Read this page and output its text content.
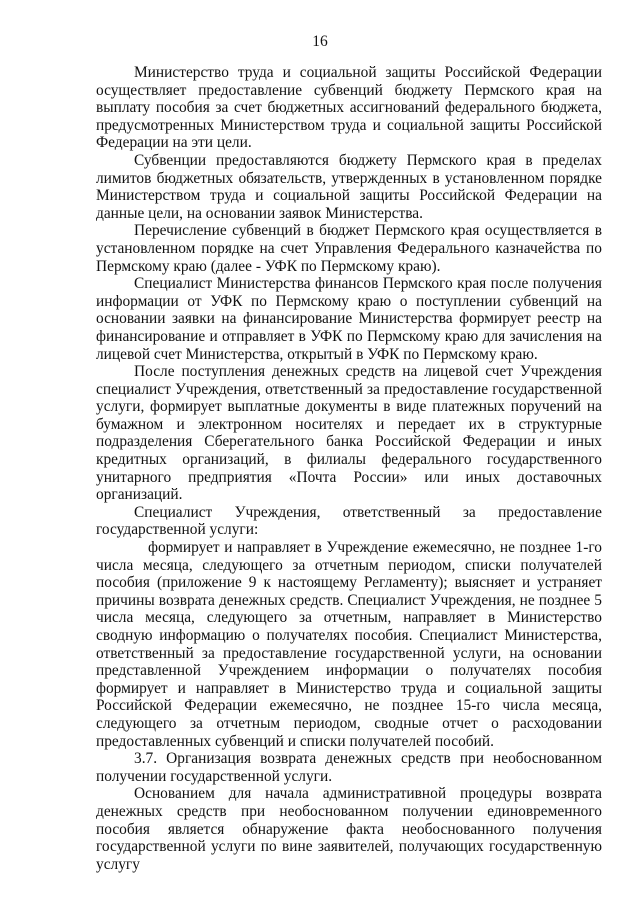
16

Министерство труда и социальной защиты Российской Федерации осуществляет предоставление субвенций бюджету Пермского края на выплату пособия за счет бюджетных ассигнований федерального бюджета, предусмотренных Министерством труда и социальной защиты Российской Федерации на эти цели.

Субвенции предоставляются бюджету Пермского края в пределах лимитов бюджетных обязательств, утвержденных в установленном порядке Министерством труда и социальной защиты Российской Федерации на данные цели, на основании заявок Министерства.

Перечисление субвенций в бюджет Пермского края осуществляется в установленном порядке на счет Управления Федерального казначейства по Пермскому краю (далее - УФК по Пермскому краю).

Специалист Министерства финансов Пермского края после получения информации от УФК по Пермскому краю о поступлении субвенций на основании заявки на финансирование Министерства формирует реестр на финансирование и отправляет в УФК по Пермскому краю для зачисления на лицевой счет Министерства, открытый в УФК по Пермскому краю.

После поступления денежных средств на лицевой счет Учреждения специалист Учреждения, ответственный за предоставление государственной услуги, формирует выплатные документы в виде платежных поручений на бумажном и электронном носителях и передает их в структурные подразделения Сберегательного банка Российской Федерации и иных кредитных организаций, в филиалы федерального государственного унитарного предприятия «Почта России» или иных доставочных организаций.

Специалист Учреждения, ответственный за предоставление государственной услуги:

формирует и направляет в Учреждение ежемесячно, не позднее 1-го числа месяца, следующего за отчетным периодом, списки получателей пособия (приложение 9 к настоящему Регламенту); выясняет и устраняет причины возврата денежных средств. Специалист Учреждения, не позднее 5 числа месяца, следующего за отчетным, направляет в Министерство сводную информацию о получателях пособия. Специалист Министерства, ответственный за предоставление государственной услуги, на основании представленной Учреждением информации о получателях пособия формирует и направляет в Министерство труда и социальной защиты Российской Федерации ежемесячно, не позднее 15-го числа месяца, следующего за отчетным периодом, сводные отчет о расходовании предоставленных субвенций и списки получателей пособий.

3.7. Организация возврата денежных средств при необоснованном получении государственной услуги.

Основанием для начала административной процедуры возврата денежных средств при необоснованном получении единовременного пособия является обнаружение факта необоснованного получения государственной услуги по вине заявителей, получающих государственную услугу
